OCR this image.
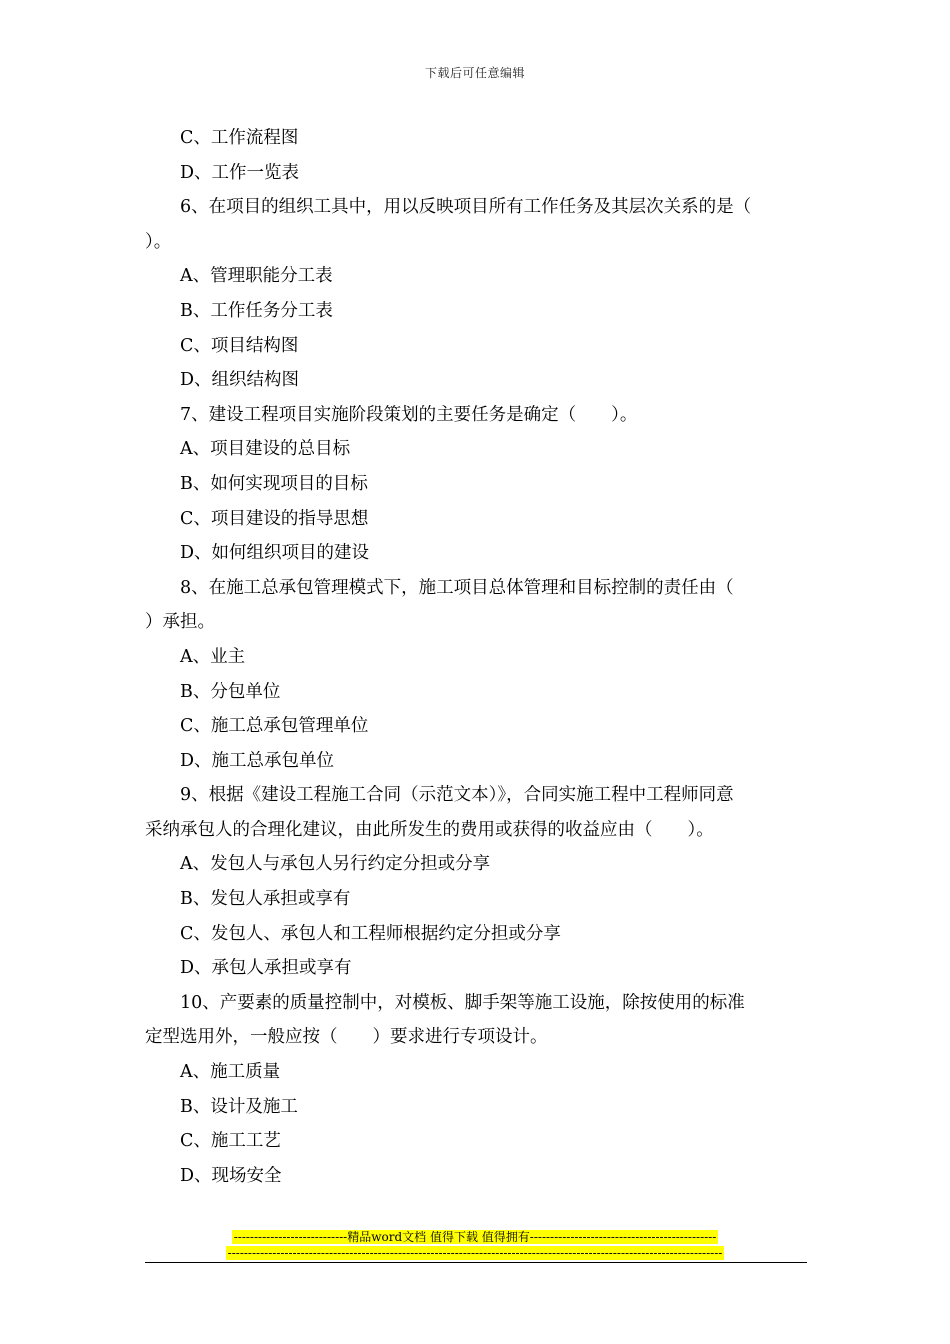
下载后可任意编辑
C、工作流程图
D、工作一览表
6、在项目的组织工具中，用以反映项目所有工作任务及其层次关系的是（
）。
A、管理职能分工表
B、工作任务分工表
C、项目结构图
D、组织结构图
7、建设工程项目实施阶段策划的主要任务是确定（　　）。
A、项目建设的总目标
B、如何实现项目的目标
C、项目建设的指导思想
D、如何组织项目的建设
8、在施工总承包管理模式下，施工项目总体管理和目标控制的责任由（
）承担。
A、业主
B、分包单位
C、施工总承包管理单位
D、施工总承包单位
9、根据《建设工程施工合同（示范文本）》，合同实施工程中工程师同意
采纳承包人的合理化建议，由此所发生的费用或获得的收益应由（　　）。
A、发包人与承包人另行约定分担或分享
B、发包人承担或享有
C、发包人、承包人和工程师根据约定分担或分享
D、承包人承担或享有
10、产要素的质量控制中，对模板、脚手架等施工设施，除按使用的标准
定型选用外，一般应按（　　）要求进行专项设计。
A、施工质量
B、设计及施工
C、施工工艺
D、现场安全
----------------------------精品word文档 值得下载 值得拥有----------------------------------------------
--------------------------------------------------------------------------------------------------------------------------
